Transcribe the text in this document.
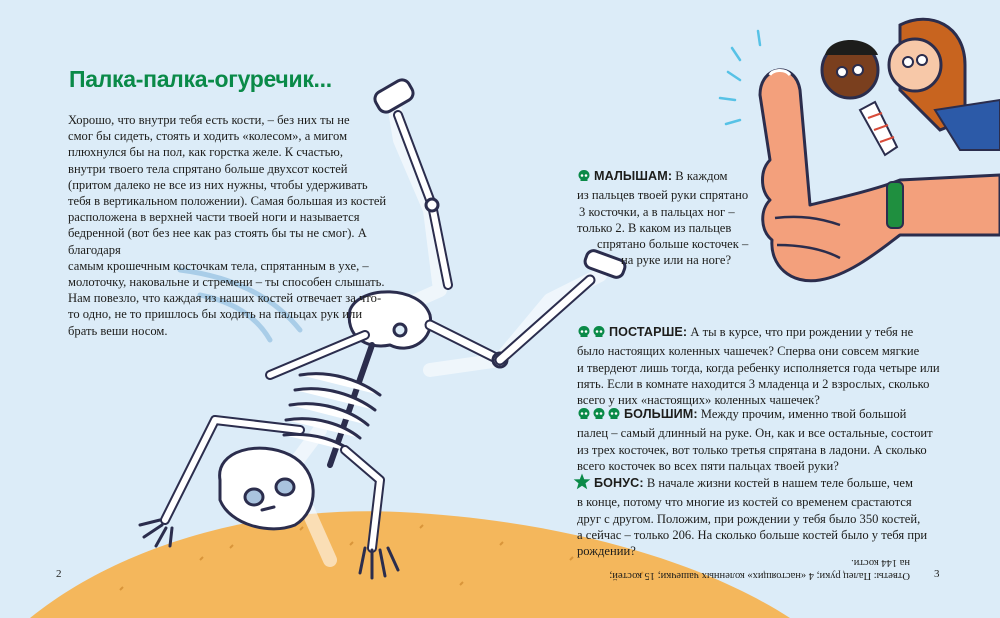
Палка-палка-огуречик...
Хорошо, что внутри тебя есть кости, – без них ты не
смог бы сидеть, стоять и ходить «колесом», а мигом
плюхнулся бы на пол, как горстка желе. К счастью,
внутри твоего тела спрятано больше двухсот костей
(притом далеко не все из них нужны, чтобы удерживать
тебя в вертикальном положении). Самая большая из костей
расположена в верхней части твоей ноги и называется
бедренной (вот без нее как раз стоять бы ты не смог). А благодаря
самым крошечным косточкам тела, спрятанным в ухе, –
молоточку, наковальне и стремени – ты способен слышать.
Нам повезло, что каждая из наших костей отвечает за что-
то одно, не то пришлось бы ходить на пальцах рук или
брать веши носом.
МАЛЫШАМ: В каждом
из пальцев твоей руки спрятано
3 косточки, а в пальцах ног –
только 2. В каком из пальцев
спрятано больше косточек –
на руке или на ноге?
ПОСТАРШЕ: А ты в курсе, что при рождении у тебя не
было настоящих коленных чашечек? Сперва они совсем мягкие
и твердеют лишь тогда, когда ребенку исполняется года четыре или
пять. Если в комнате находится 3 младенца и 2 взрослых, сколько
всего у них «настоящих» коленных чашечек?
БОЛЬШИМ: Между прочим, именно твой большой
палец – самый длинный на руке. Он, как и все остальные, состоит
из трех косточек, вот только третья спрятана в ладони. А сколько
всего косточек во всех пяти пальцах твоей руки?
БОНУС: В начале жизни костей в нашем теле больше, чем
в конце, потому что многие из костей со временем срастаются
друг с другом. Положим, при рождении у тебя было 350 костей,
а сейчас – только 206. На сколько больше костей было у тебя при
рождении?
Ответы: Палец руки; 4 «настоящих» коленных чашечки; 15 костей;
на 144 кости.
2	3
